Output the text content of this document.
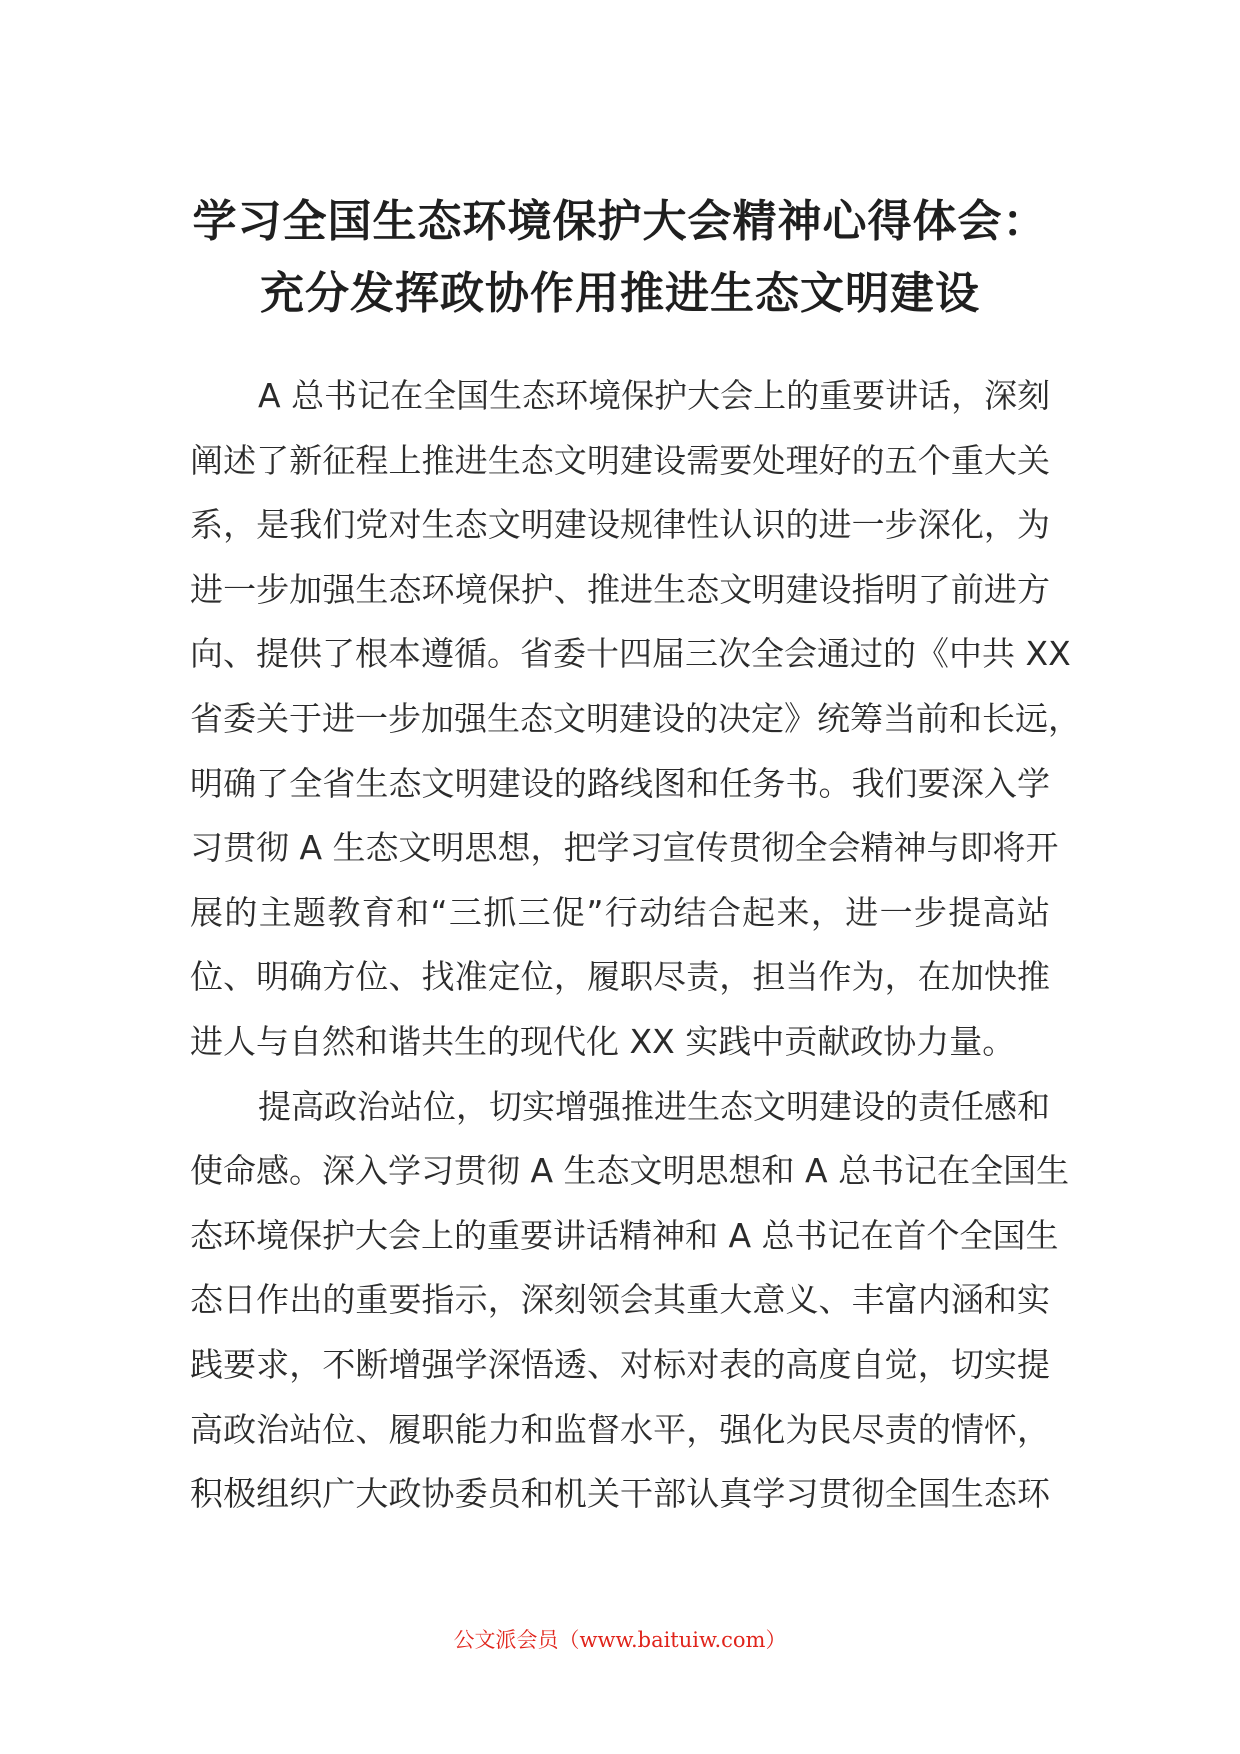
学习全国生态环境保护大会精神心得体会：
充分发挥政协作用推进生态文明建设
A 总书记在全国生态环境保护大会上的重要讲话，深刻
阐述了新征程上推进生态文明建设需要处理好的五个重大关
系，是我们党对生态文明建设规律性认识的进一步深化，为
进一步加强生态环境保护、推进生态文明建设指明了前进方
向、提供了根本遵循。省委十四届三次全会通过的《中共 XX
省委关于进一步加强生态文明建设的决定》统筹当前和长远，
明确了全省生态文明建设的路线图和任务书。我们要深入学
习贯彻 A 生态文明思想，把学习宣传贯彻全会精神与即将开
展的主题教育和“三抓三促”行动结合起来，进一步提高站
位、明确方位、找准定位，履职尽责，担当作为，在加快推
进人与自然和谐共生的现代化 XX 实践中贡献政协力量。
提高政治站位，切实增强推进生态文明建设的责任感和
使命感。深入学习贯彻 A 生态文明思想和 A 总书记在全国生
态环境保护大会上的重要讲话精神和 A 总书记在首个全国生
态日作出的重要指示，深刻领会其重大意义、丰富内涵和实
践要求，不断增强学深悟透、对标对表的高度自觉，切实提
高政治站位、履职能力和监督水平，强化为民尽责的情怀，
积极组织广大政协委员和机关干部认真学习贯彻全国生态环
公文派会员（www.baituiw.com）
